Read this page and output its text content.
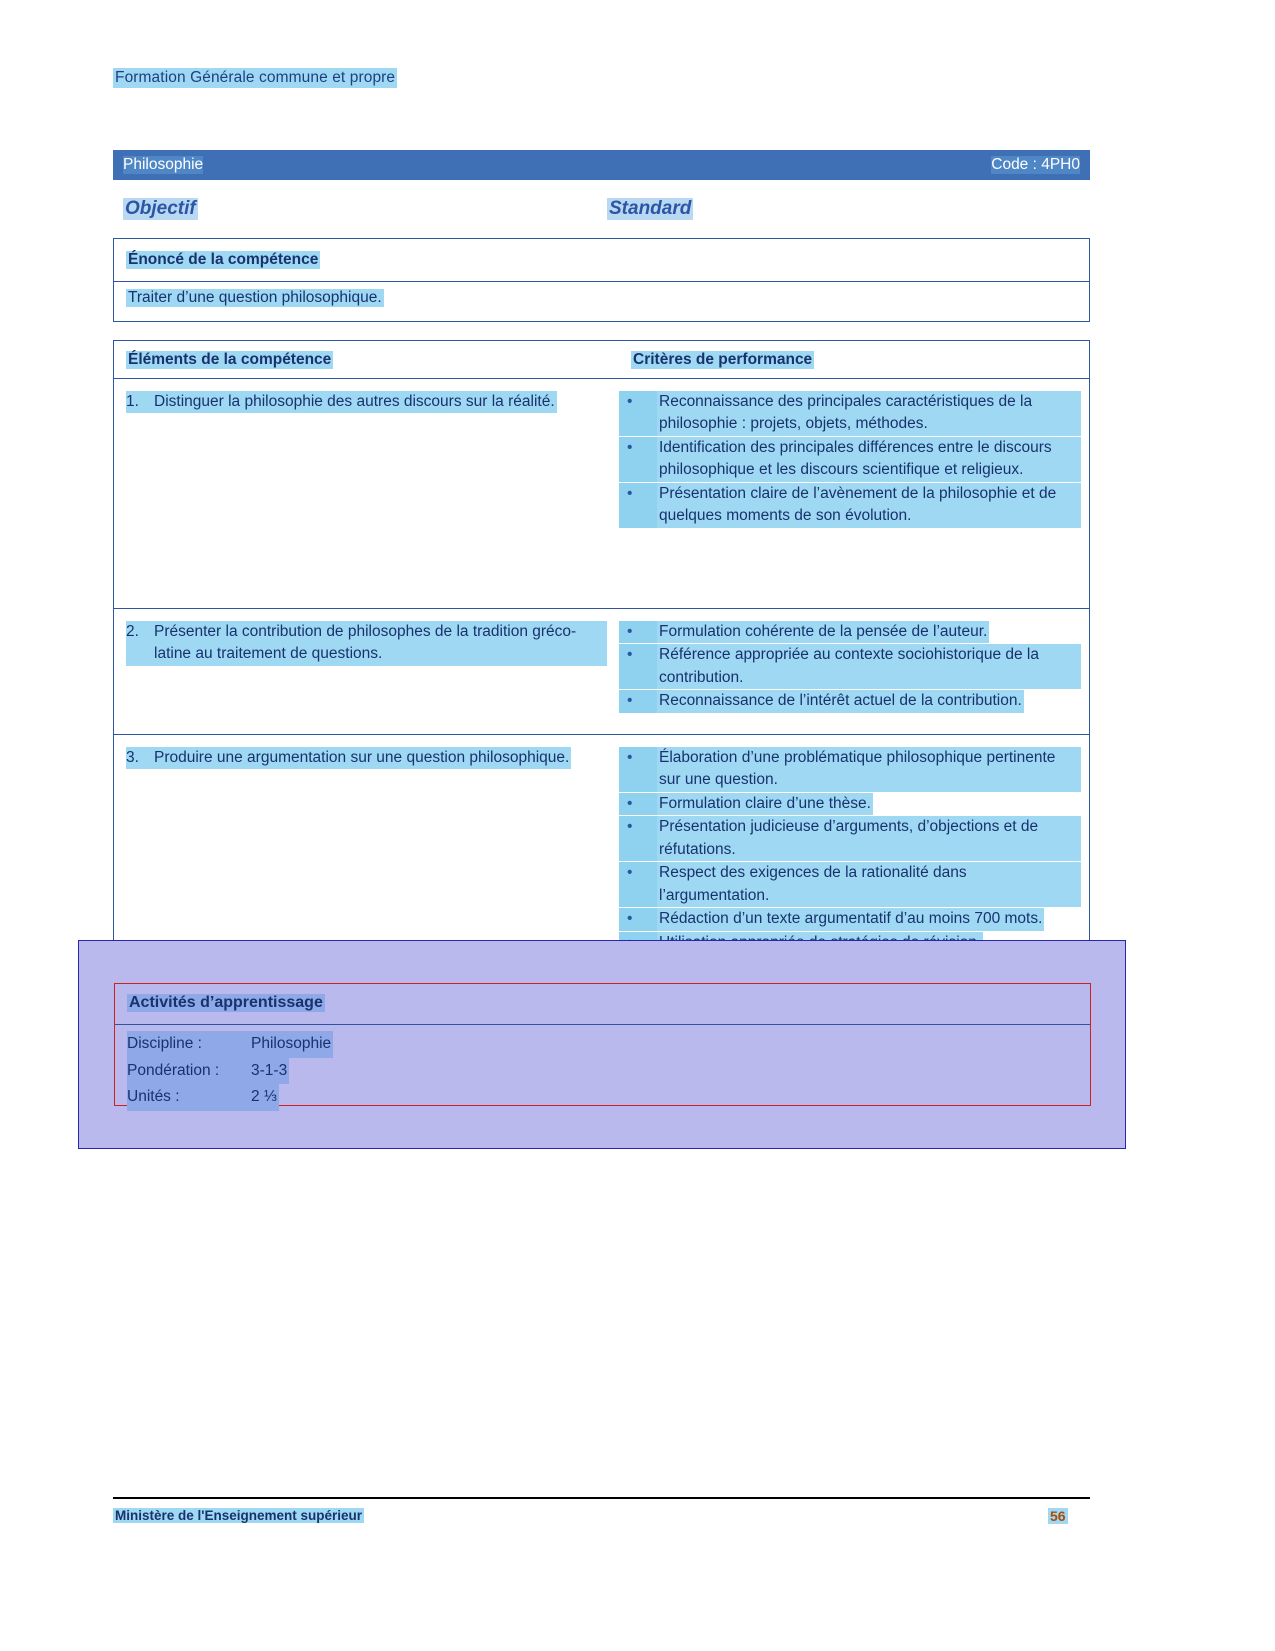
Formation Générale commune et propre
Philosophie	Code : 4PH0
Objectif	Standard
Énoncé de la compétence
Traiter d’une question philosophique.
Éléments de la compétence	Critères de performance
1. Distinguer la philosophie des autres discours sur la réalité.	•	Reconnaissance des principales caractéristiques de la philosophie : projets, objets, méthodes.
•	Identification des principales différences entre le discours philosophique et les discours scientifique et religieux.
•	Présentation claire de l’avènement de la philosophie et de quelques moments de son évolution.
2. Présenter la contribution de philosophes de la tradition gréco-latine au traitement de questions.
•	Formulation cohérente de la pensée de l’auteur.
•	Référence appropriée au contexte sociohistorique de la contribution.
•	Reconnaissance de l’intérêt actuel de la contribution.
3. Produire une argumentation sur une question philosophique.	•	Élaboration d’une problématique philosophique pertinente sur une question.
•	Formulation claire d’une thèse.
•	Présentation judicieuse d’arguments, d’objections et de réfutations.
•	Respect des exigences de la rationalité dans l’argumentation.
•	Rédaction d’un texte argumentatif d’au moins 700 mots.
Activités d’apprentissage
Discipline :	Philosophie
Pondération :	3-1-3
Unités :	2 ⅓
Ministère de l'Enseignement supérieur	56
